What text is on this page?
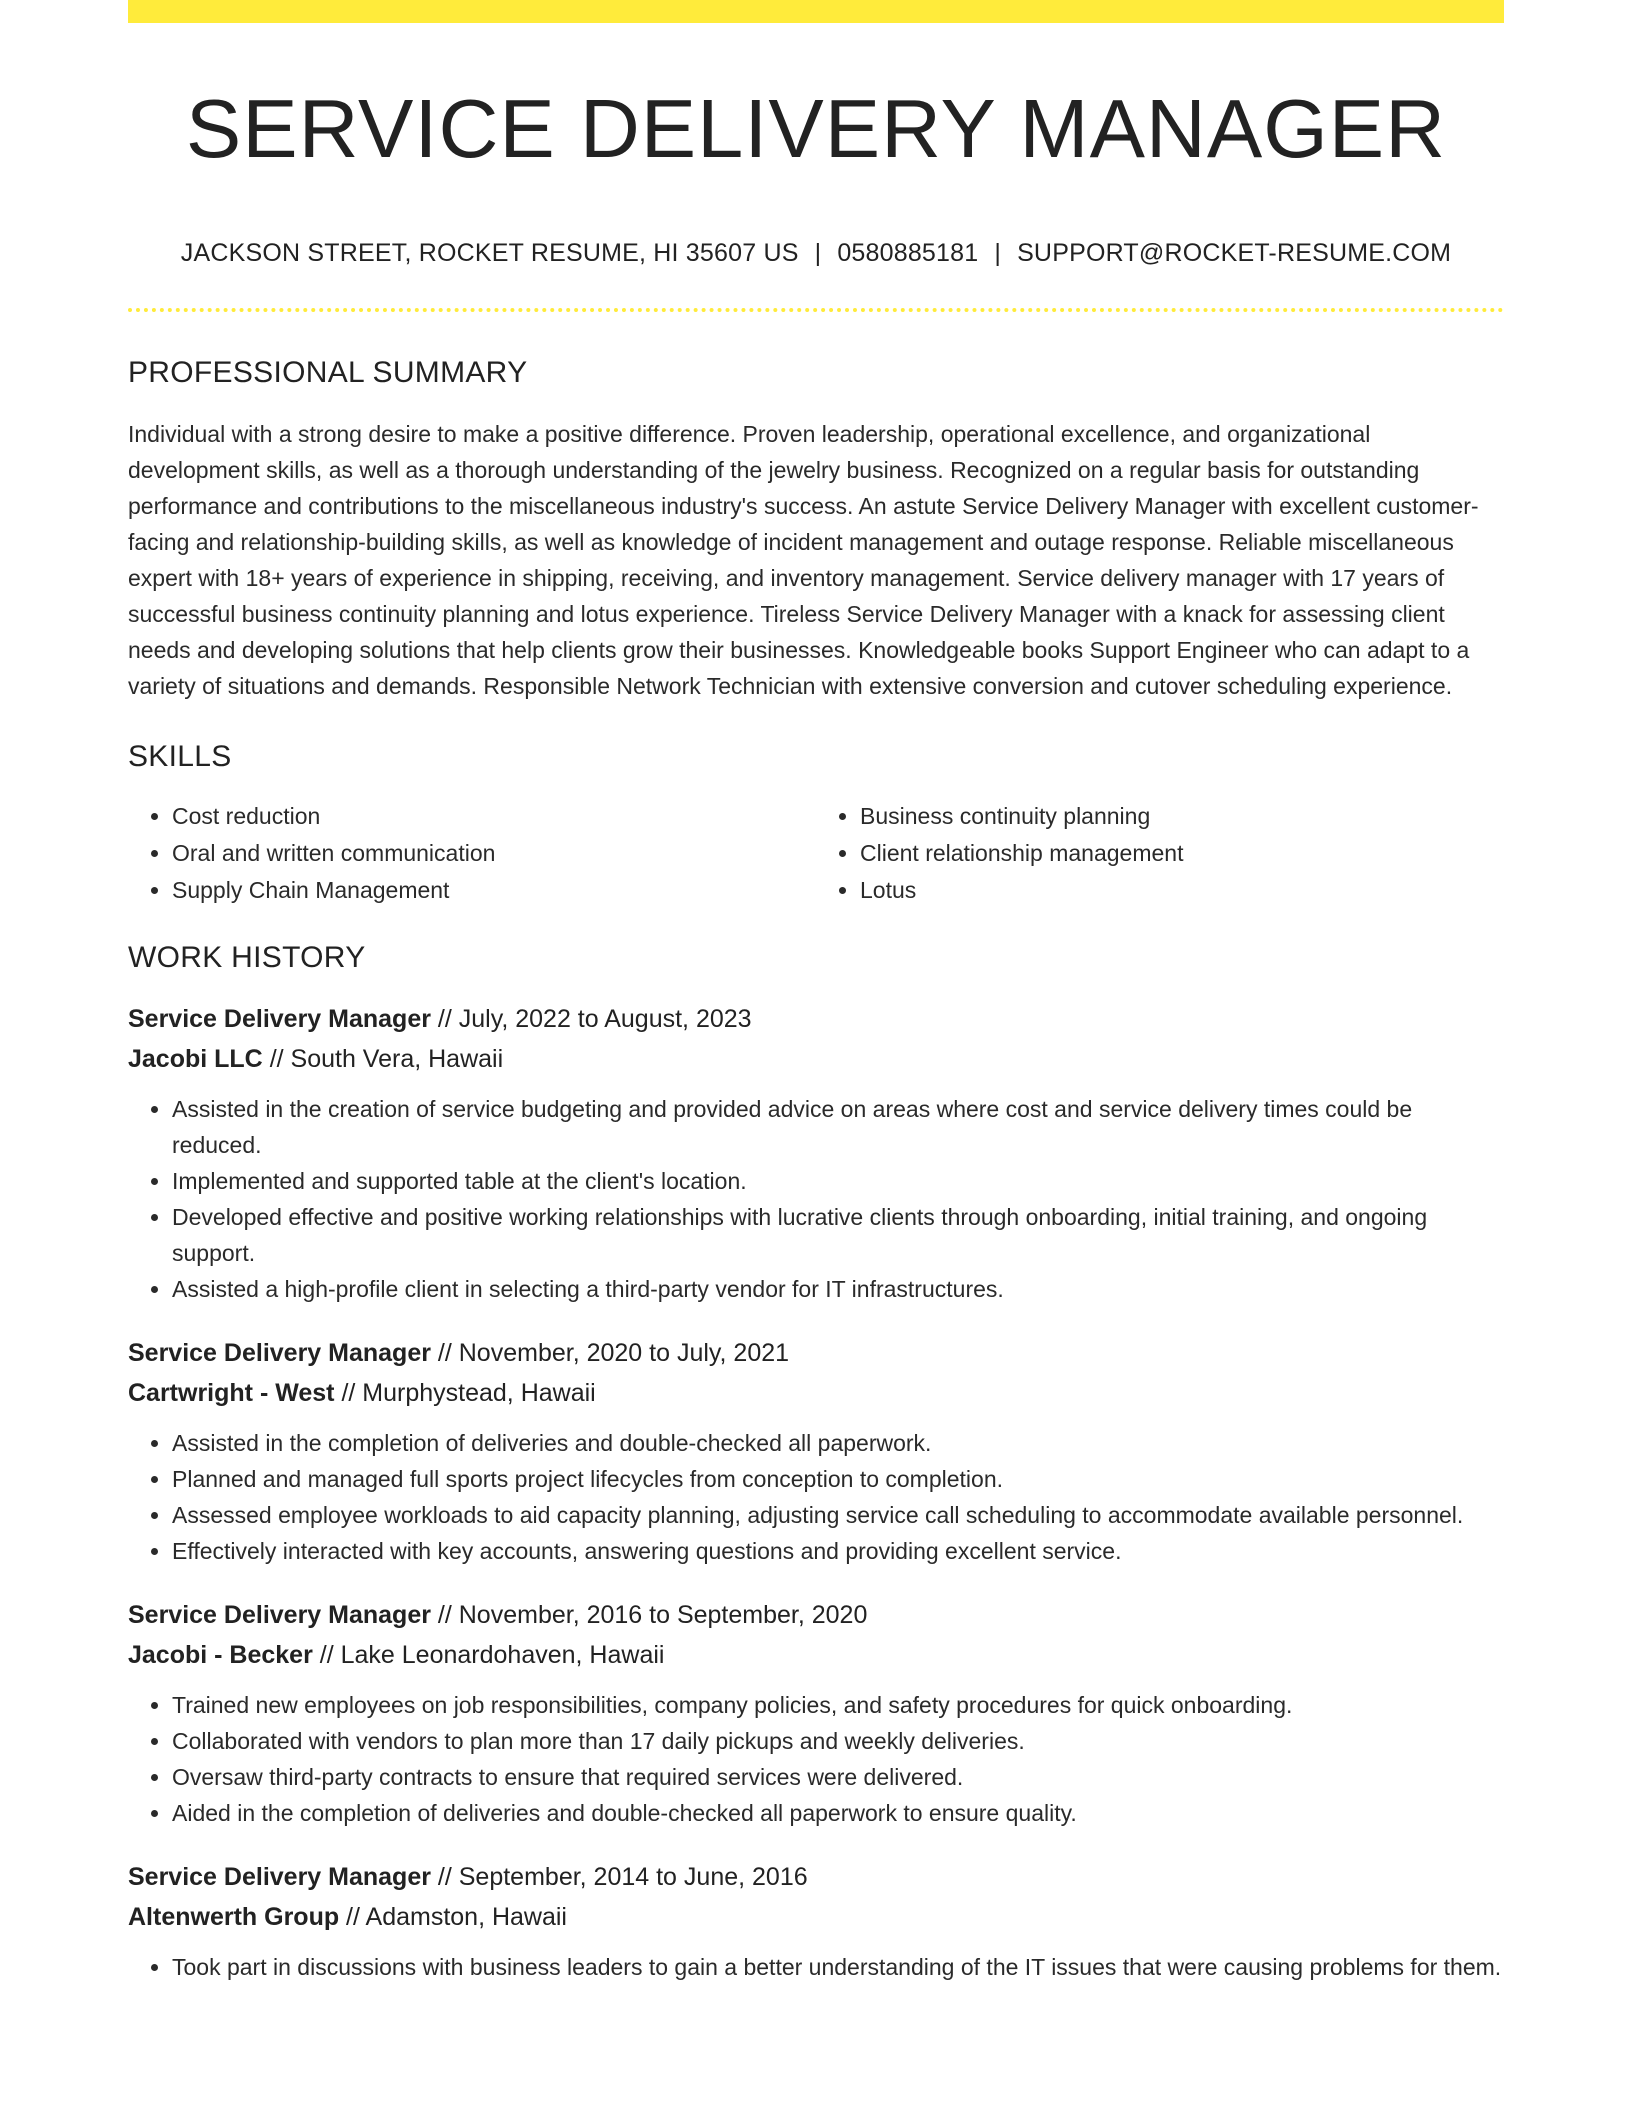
SERVICE DELIVERY MANAGER
JACKSON STREET, ROCKET RESUME, HI 35607 US | 0580885181 | SUPPORT@ROCKET-RESUME.COM
PROFESSIONAL SUMMARY

Individual with a strong desire to make a positive difference. Proven leadership, operational excellence, and organizational development skills, as well as a thorough understanding of the jewelry business. Recognized on a regular basis for outstanding performance and contributions to the miscellaneous industry's success. An astute Service Delivery Manager with excellent customer-facing and relationship-building skills, as well as knowledge of incident management and outage response. Reliable miscellaneous expert with 18+ years of experience in shipping, receiving, and inventory management. Service delivery manager with 17 years of successful business continuity planning and lotus experience. Tireless Service Delivery Manager with a knack for assessing client needs and developing solutions that help clients grow their businesses. Knowledgeable books Support Engineer who can adapt to a variety of situations and demands. Responsible Network Technician with extensive conversion and cutover scheduling experience.

SKILLS
• Cost reduction
• Oral and written communication
• Supply Chain Management
• Business continuity planning
• Client relationship management
• Lotus
WORK HISTORY
Service Delivery Manager // July, 2022 to August, 2023
Jacobi LLC // South Vera, Hawaii
• Assisted in the creation of service budgeting and provided advice on areas where cost and service delivery times could be reduced.
• Implemented and supported table at the client's location.
• Developed effective and positive working relationships with lucrative clients through onboarding, initial training, and ongoing support.
• Assisted a high-profile client in selecting a third-party vendor for IT infrastructures.
Service Delivery Manager // November, 2020 to July, 2021
Cartwright - West // Murphystead, Hawaii
• Assisted in the completion of deliveries and double-checked all paperwork.
• Planned and managed full sports project lifecycles from conception to completion.
• Assessed employee workloads to aid capacity planning, adjusting service call scheduling to accommodate available personnel.
• Effectively interacted with key accounts, answering questions and providing excellent service.
Service Delivery Manager // November, 2016 to September, 2020
Jacobi - Becker // Lake Leonardohaven, Hawaii
• Trained new employees on job responsibilities, company policies, and safety procedures for quick onboarding.
• Collaborated with vendors to plan more than 17 daily pickups and weekly deliveries.
• Oversaw third-party contracts to ensure that required services were delivered.
• Aided in the completion of deliveries and double-checked all paperwork to ensure quality.
Service Delivery Manager // September, 2014 to June, 2016
Altenwerth Group // Adamston, Hawaii
• Took part in discussions with business leaders to gain a better understanding of the IT issues that were causing problems for them.
